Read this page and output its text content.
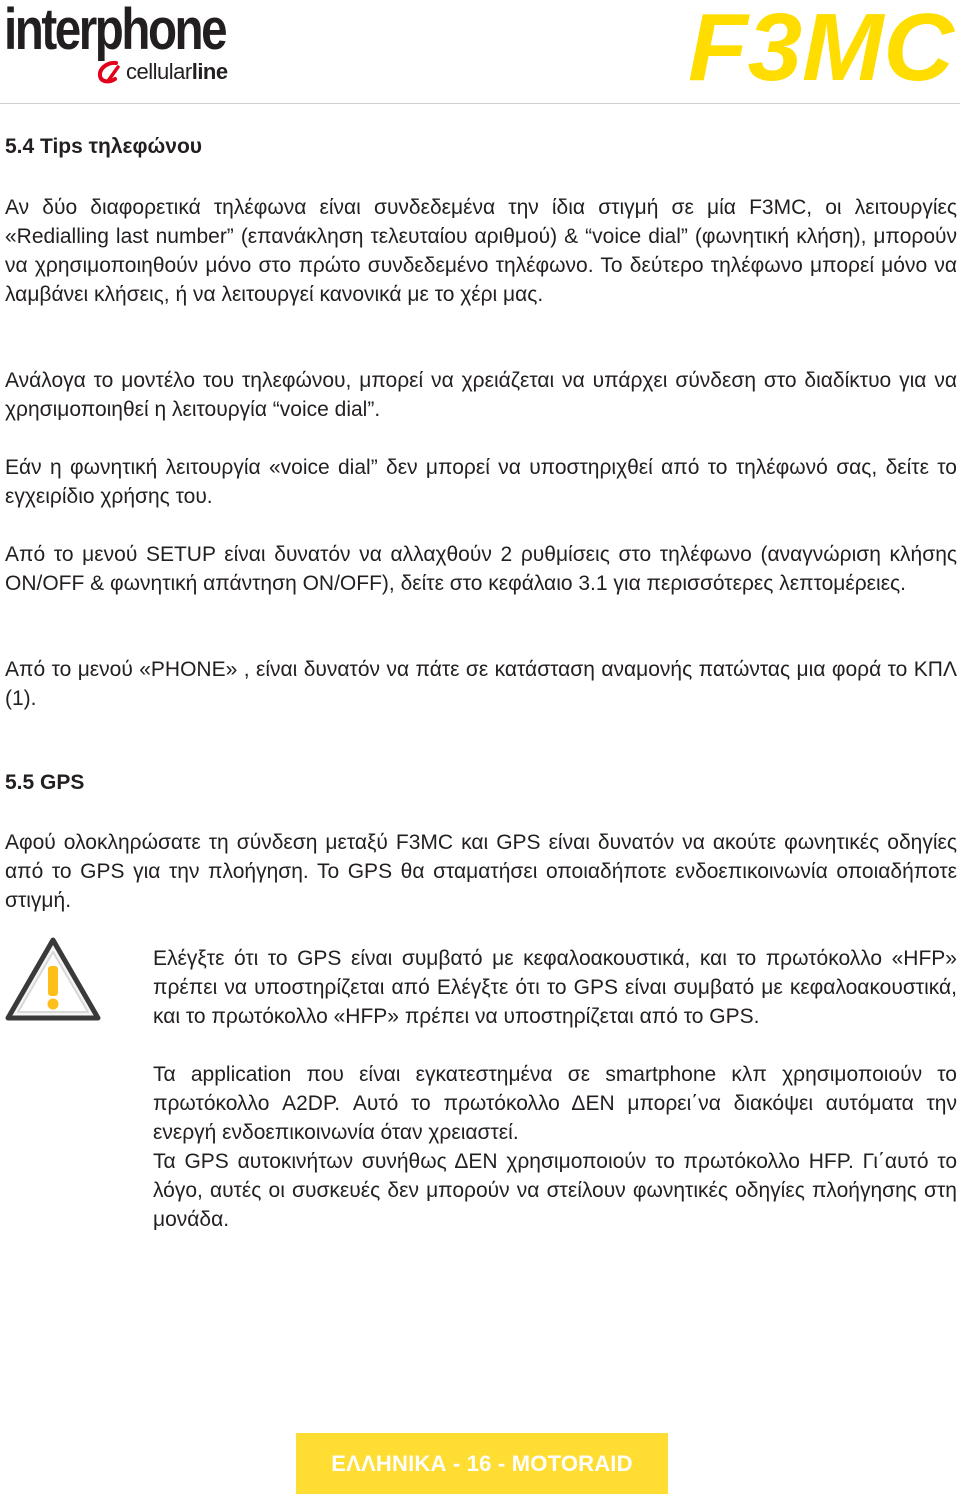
interphone
cellularline	F3MC
5.4 Tips τηλεφώνου
Αν δύο διαφορετικά τηλέφωνα είναι συνδεδεμένα την ίδια στιγμή σε μία F3MC, οι λειτουργίες «Redialling last number” (επανάκληση τελευταίου αριθμού) & “voice dial” (φωνητική κλήση), μπορούν να χρησιμοποιηθούν μόνο στο πρώτο συνδεδεμένο τηλέφωνο. Το δεύτερο τηλέφωνο μπορεί μόνο να λαμβάνει κλήσεις, ή να λειτουργεί κανονικά με το χέρι μας.
Ανάλογα το μοντέλο του τηλεφώνου, μπορεί να χρειάζεται να υπάρχει σύνδεση στο διαδίκτυο για να χρησιμοποιηθεί η λειτουργία “voice dial”.
Εάν η φωνητική λειτουργία «voice dial” δεν μπορεί να υποστηριχθεί από το τηλέφωνό σας, δείτε το εγχειρίδιο χρήσης του.
Από το μενού SETUP είναι δυνατόν να αλλαχθούν 2 ρυθμίσεις στο τηλέφωνο (αναγνώριση κλήσης ON/OFF & φωνητική απάντηση ON/OFF), δείτε στο κεφάλαιο 3.1 για περισσότερες λεπτομέρειες.
Από το μενού «PHONE» , είναι δυνατόν να πάτε σε κατάσταση αναμονής πατώντας μια φορά το ΚΠΛ (1).
5.5 GPS
Αφού ολοκληρώσατε τη σύνδεση μεταξύ F3MC και GPS είναι δυνατόν να ακούτε φωνητικές οδηγίες από το GPS για την πλοήγηση. Το GPS θα σταματήσει οποιαδήποτε ενδοεπικοινωνία οποιαδήποτε στιγμή.
Ελέγξτε ότι το GPS είναι συμβατό με κεφαλοακουστικά, και το πρωτόκολλο «HFP» πρέπει να υποστηρίζεται από Ελέγξτε ότι το GPS είναι συμβατό με κεφαλοακουστικά, και το πρωτόκολλο «HFP» πρέπει να υποστηρίζεται από το GPS.
Τα application που είναι εγκατεστημένα σε smartphone κλπ χρησιμοποιούν το πρωτόκολλο A2DP. Αυτό το πρωτόκολλο ΔΕΝ μπορει΄να διακόψει αυτόματα την ενεργή ενδοεπικοινωνία όταν χρειαστεί.
Τα GPS αυτοκινήτων συνήθως ΔΕΝ χρησιμοποιούν το πρωτόκολλο HFP. Γι΄αυτό το λόγο, αυτές οι συσκευές δεν μπορούν να στείλουν φωνητικές οδηγίες πλοήγησης στη μονάδα.
ΕΛΛΗΝΙΚΑ - 16 - MOTORAID
